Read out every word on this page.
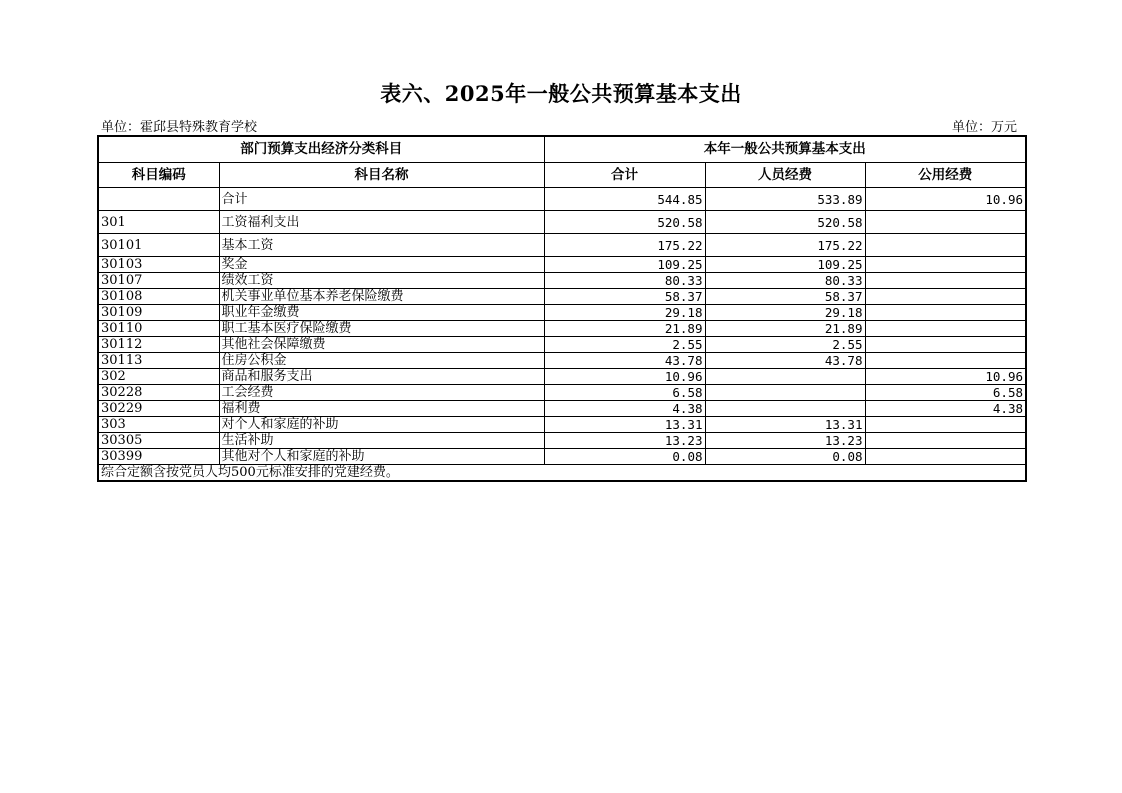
表六、2025年一般公共预算基本支出
单位：霍邱县特殊教育学校	单位：万元
部门预算支出经济分类科目		本年一般公共预算基本支出		
科目编码	科目名称	合计	人员经费	公用经费
	合计	544.85	533.89	10.96
301	工资福利支出	520.58	520.58	
30101	基本工资	175.22	175.22	
30103	奖金	109.25	109.25	
30107	绩效工资	80.33	80.33	
30108	机关事业单位基本养老保险缴费	58.37	58.37	
30109	职业年金缴费	29.18	29.18	
30110	职工基本医疗保险缴费	21.89	21.89	
30112	其他社会保障缴费	2.55	2.55	
30113	住房公积金	43.78	43.78	
302	商品和服务支出	10.96		10.96
30228	工会经费	6.58		6.58
30229	福利费	4.38		4.38
303	对个人和家庭的补助	13.31	13.31	
30305	生活补助	13.23	13.23	
30399	其他对个人和家庭的补助	0.08	0.08	
综合定额含按党员人均500元标准安排的党建经费。				
